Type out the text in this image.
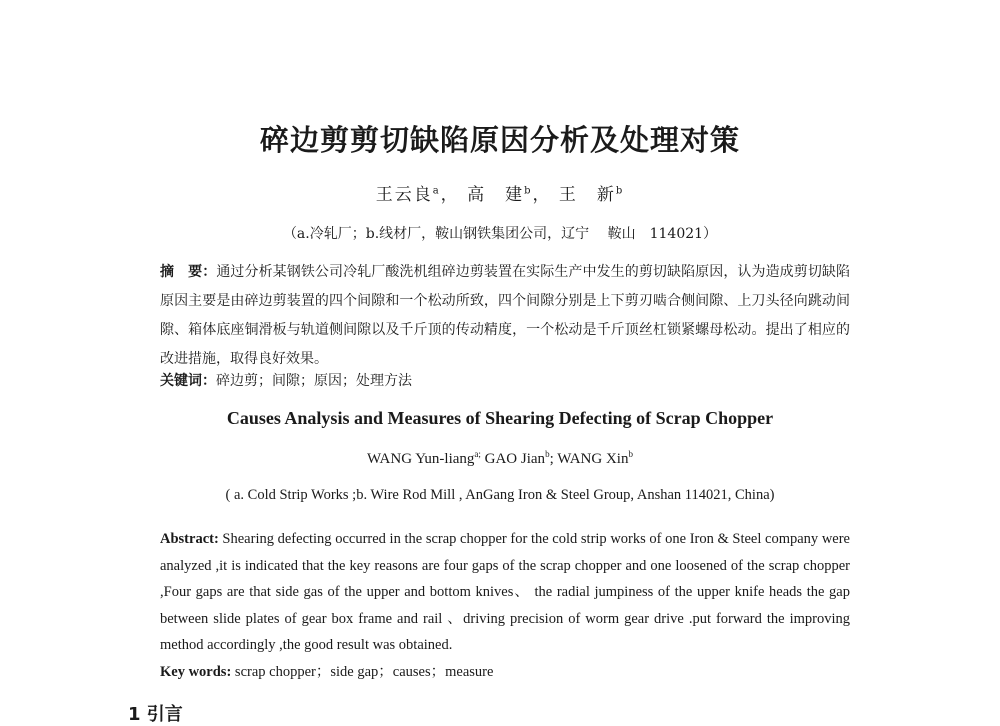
碎边剪剪切缺陷原因分析及处理对策
王云良$^a$， 高　建$^b$， 王　新$^b$
（a.冷轧厂；b.线材厂，鞍山钢铁集团公司，辽宁　 鞍山　114021）
摘　要：通过分析某钢铁公司冷轧厂酸洗机组碎边剪装置在实际生产中发生的剪切缺陷原因，认为造成剪切缺陷原因主要是由碎边剪装置的四个间隙和一个松动所致，四个间隙分别是上下剪刃啮合侧间隙、上刀头径向跳动间隙、箱体底座铜滑板与轨道侧间隙以及千斤顶的传动精度，一个松动是千斤顶丝杠锁紧螺母松动。提出了相应的改进措施，取得良好效果。
关键词：碎边剪；间隙；原因；处理方法
Causes Analysis and Measures of Shearing Defecting of Scrap Chopper
WANG Yun-liang$^{a;}$ GAO Jian$^b$; WANG Xin$^b$
( a. Cold Strip Works ;b. Wire Rod Mill , AnGang Iron & Steel Group, Anshan 114021, China)
Abstract: Shearing defecting occurred in the scrap chopper for the cold strip works of one Iron & Steel company were analyzed ,it is indicated that the key reasons are four gaps of the scrap chopper and one loosened of the scrap chopper ,Four gaps are that side gas of the upper and bottom knives、 the radial jumpiness of the upper knife heads the gap between slide plates of gear box frame and rail 、driving precision of worm gear drive .put forward the improving method accordingly ,the good result was obtained.
Key words: scrap chopper；side gap；causes；measure
1 引言
